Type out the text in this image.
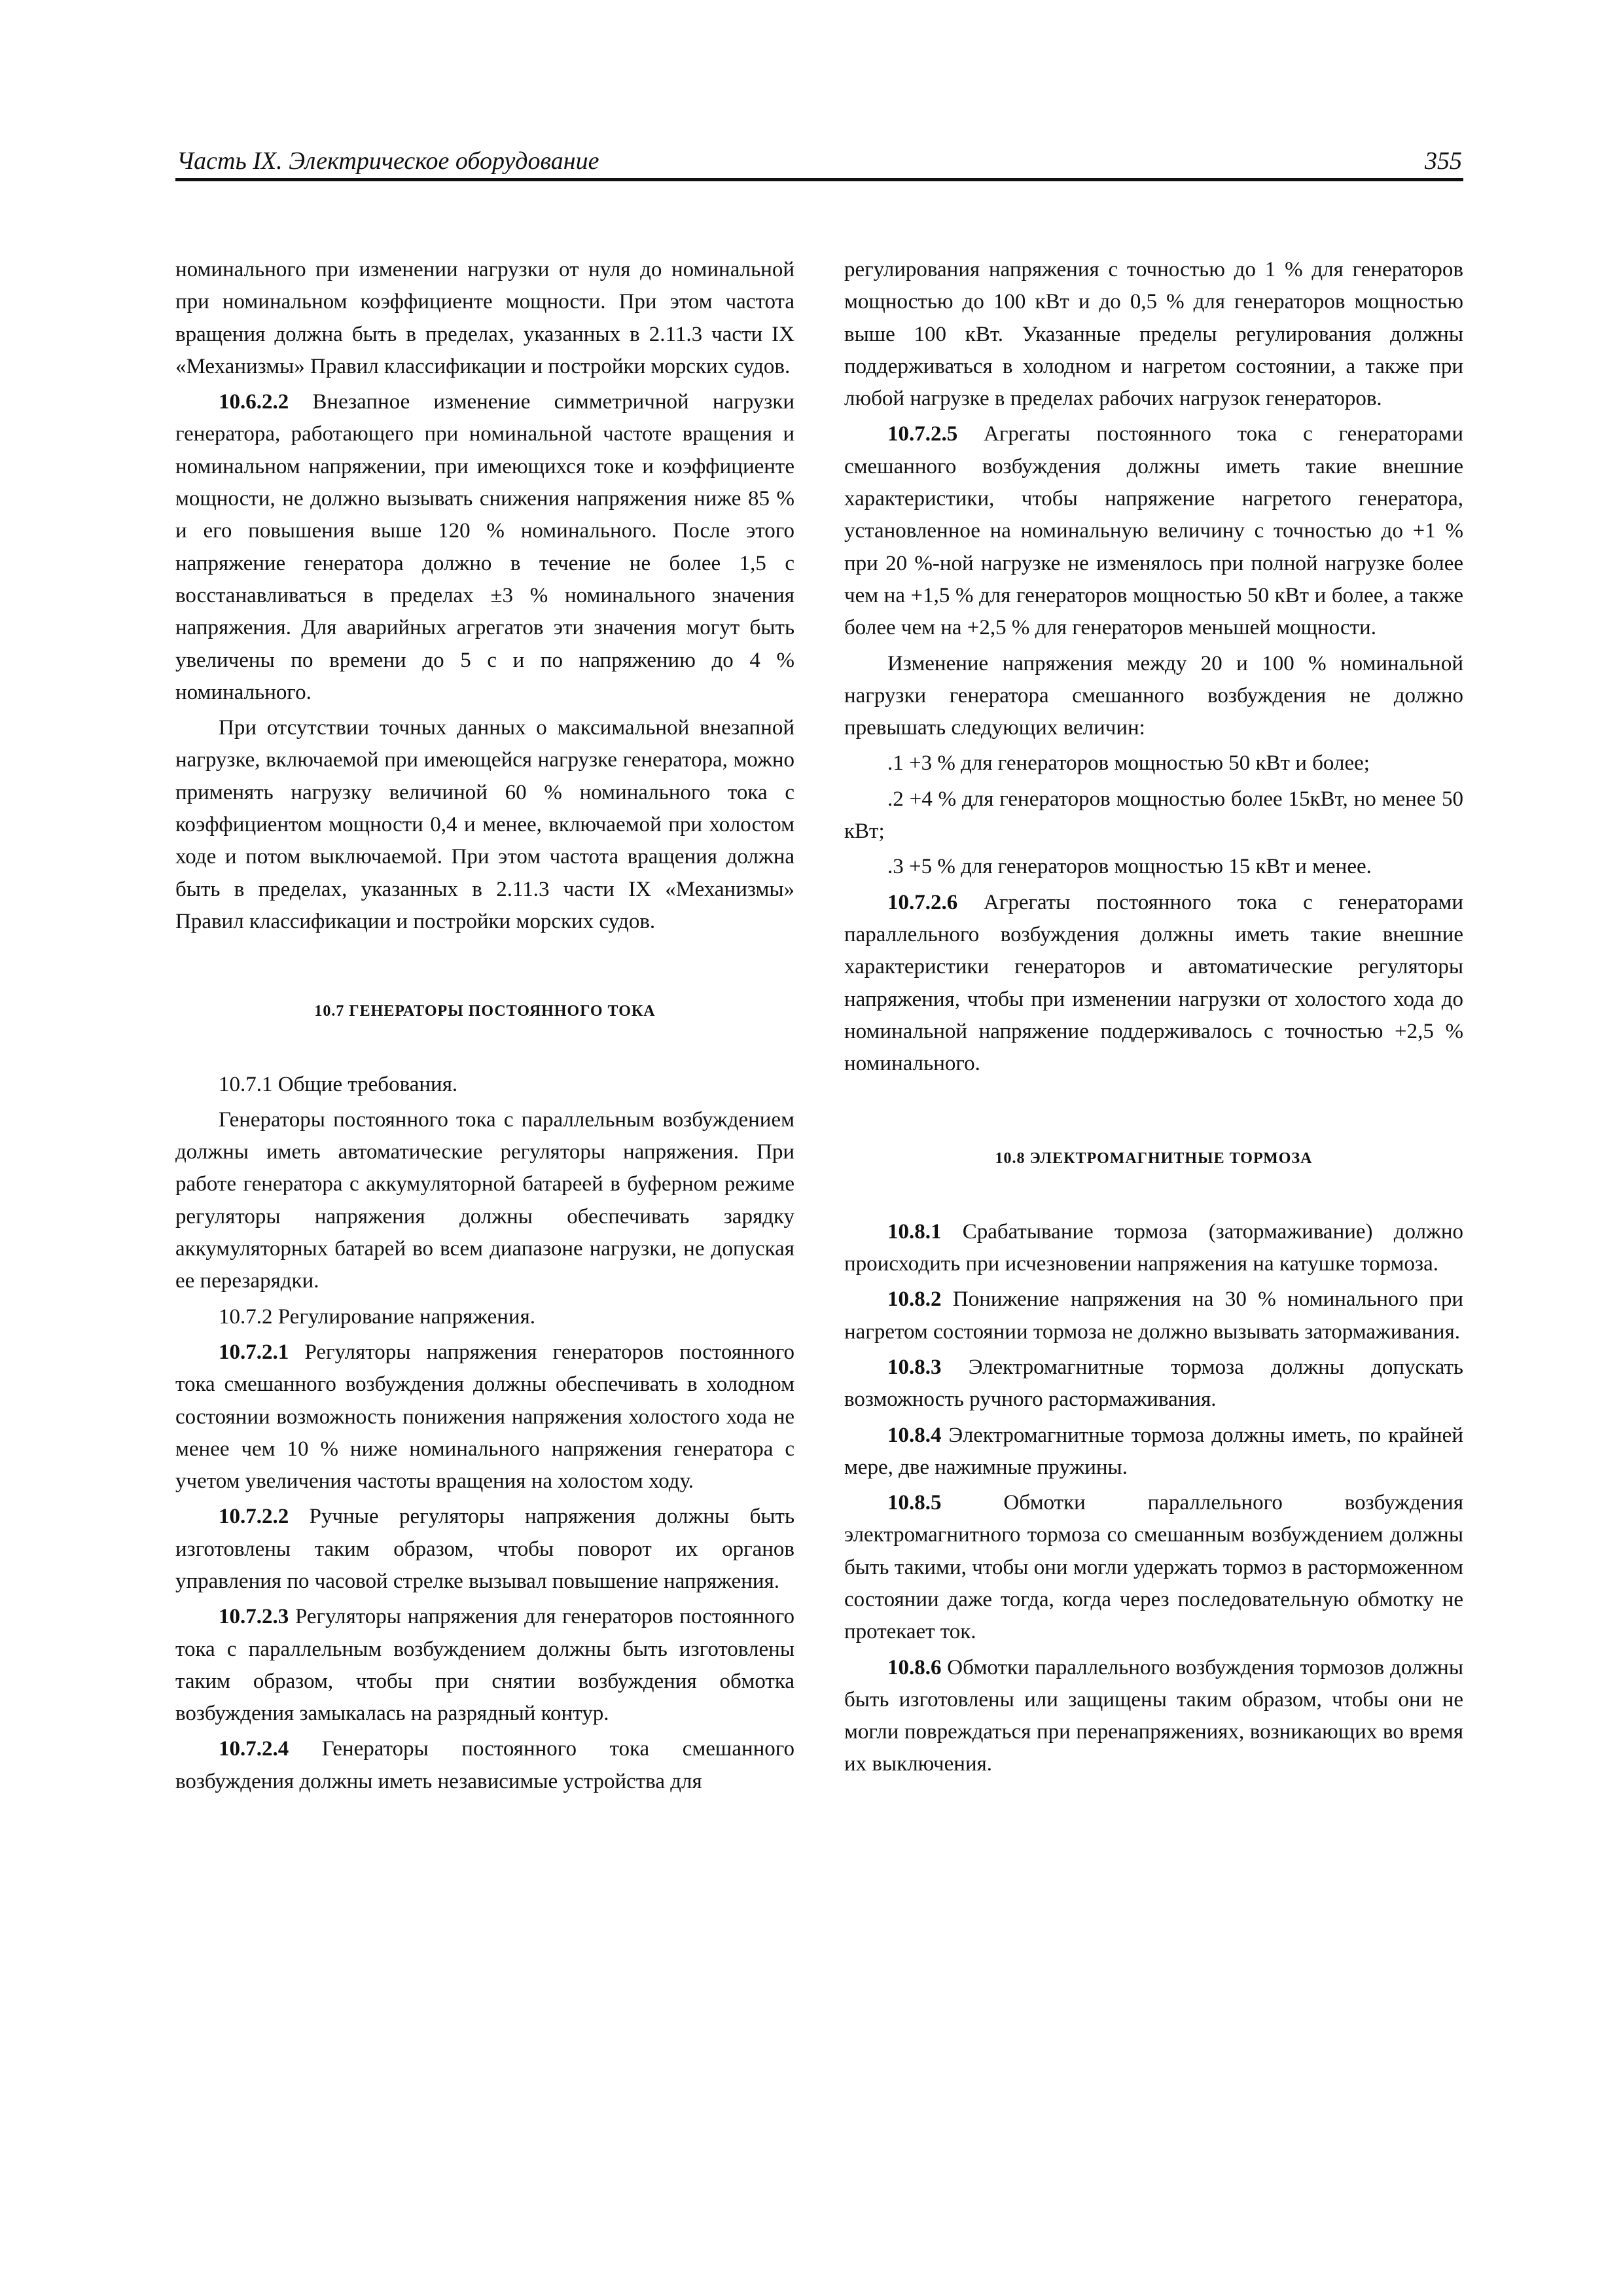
Часть IX. Электрическое оборудование	355

номинального при изменении нагрузки от нуля до номинальной при номинальном коэффициенте мощности. При этом частота вращения должна быть в пределах, указанных в 2.11.3 части IX «Механизмы» Правил классификации и постройки морских судов.

10.6.2.2 Внезапное изменение симметричной нагрузки генератора, работающего при номинальной частоте вращения и номинальном напряжении, при имеющихся токе и коэффициенте мощности, не должно вызывать снижения напряжения ниже 85 % и его повышения выше 120 % номинального. После этого напряжение генератора должно в течение не более 1,5 с восстанавливаться в пределах ±3 % номинального значения напряжения. Для аварийных агрегатов эти значения могут быть увеличены по времени до 5 с и по напряжению до 4 % номинального.

При отсутствии точных данных о максимальной внезапной нагрузке, включаемой при имеющейся нагрузке генератора, можно применять нагрузку величиной 60 % номинального тока с коэффициентом мощности 0,4 и менее, включаемой при холостом ходе и потом выключаемой. При этом частота вращения должна быть в пределах, указанных в 2.11.3 части IX «Механизмы» Правил классификации и постройки морских судов.

10.7 ГЕНЕРАТОРЫ ПОСТОЯННОГО ТОКА

10.7.1 Общие требования.

Генераторы постоянного тока с параллельным возбуждением должны иметь автоматические регуляторы напряжения. При работе генератора с аккумуляторной батареей в буферном режиме регуляторы напряжения должны обеспечивать зарядку аккумуляторных батарей во всем диапазоне нагрузки, не допуская ее перезарядки.

10.7.2 Регулирование напряжения.

10.7.2.1 Регуляторы напряжения генераторов постоянного тока смешанного возбуждения должны обеспечивать в холодном состоянии возможность понижения напряжения холостого хода не менее чем 10 % ниже номинального напряжения генератора с учетом увеличения частоты вращения на холостом ходу.

10.7.2.2 Ручные регуляторы напряжения должны быть изготовлены таким образом, чтобы поворот их органов управления по часовой стрелке вызывал повышение напряжения.

10.7.2.3 Регуляторы напряжения для генераторов постоянного тока с параллельным возбуждением должны быть изготовлены таким образом, чтобы при снятии возбуждения обмотка возбуждения замыкалась на разрядный контур.

10.7.2.4 Генераторы постоянного тока смешанного возбуждения должны иметь независимые устройства для

регулирования напряжения с точностью до 1 % для генераторов мощностью до 100 кВт и до 0,5 % для генераторов мощностью выше 100 кВт. Указанные пределы регулирования должны поддерживаться в холодном и нагретом состоянии, а также при любой нагрузке в пределах рабочих нагрузок генераторов.

10.7.2.5 Агрегаты постоянного тока с генераторами смешанного возбуждения должны иметь такие внешние характеристики, чтобы напряжение нагретого генератора, установленное на номинальную величину с точностью до +1 % при 20 %-ной нагрузке не изменялось при полной нагрузке более чем на +1,5 % для генераторов мощностью 50 кВт и более, а также более чем на +2,5 % для генераторов меньшей мощности.

Изменение напряжения между 20 и 100 % номинальной нагрузки генератора смешанного возбуждения не должно превышать следующих величин:

.1 +3 % для генераторов мощностью 50 кВт и более;

.2 +4 % для генераторов мощностью более 15кВт, но менее 50 кВт;

.3 +5 % для генераторов мощностью 15 кВт и менее.

10.7.2.6 Агрегаты постоянного тока с генераторами параллельного возбуждения должны иметь такие внешние характеристики генераторов и автоматические регуляторы напряжения, чтобы при изменении нагрузки от холостого хода до номинальной напряжение поддерживалось с точностью +2,5 % номинального.

10.8 ЭЛЕКТРОМАГНИТНЫЕ ТОРМОЗА

10.8.1 Срабатывание тормоза (затормаживание) должно происходить при исчезновении напряжения на катушке тормоза.

10.8.2 Понижение напряжения на 30 % номинального при нагретом состоянии тормоза не должно вызывать затормаживания.

10.8.3 Электромагнитные тормоза должны допускать возможность ручного растормаживания.

10.8.4 Электромагнитные тормоза должны иметь, по крайней мере, две нажимные пружины.

10.8.5 Обмотки параллельного возбуждения электромагнитного тормоза со смешанным возбуждением должны быть такими, чтобы они могли удержать тормоз в расторможенном состоянии даже тогда, когда через последовательную обмотку не протекает ток.

10.8.6 Обмотки параллельного возбуждения тормозов должны быть изготовлены или защищены таким образом, чтобы они не могли повреждаться при перенапряжениях, возникающих во время их выключения.
